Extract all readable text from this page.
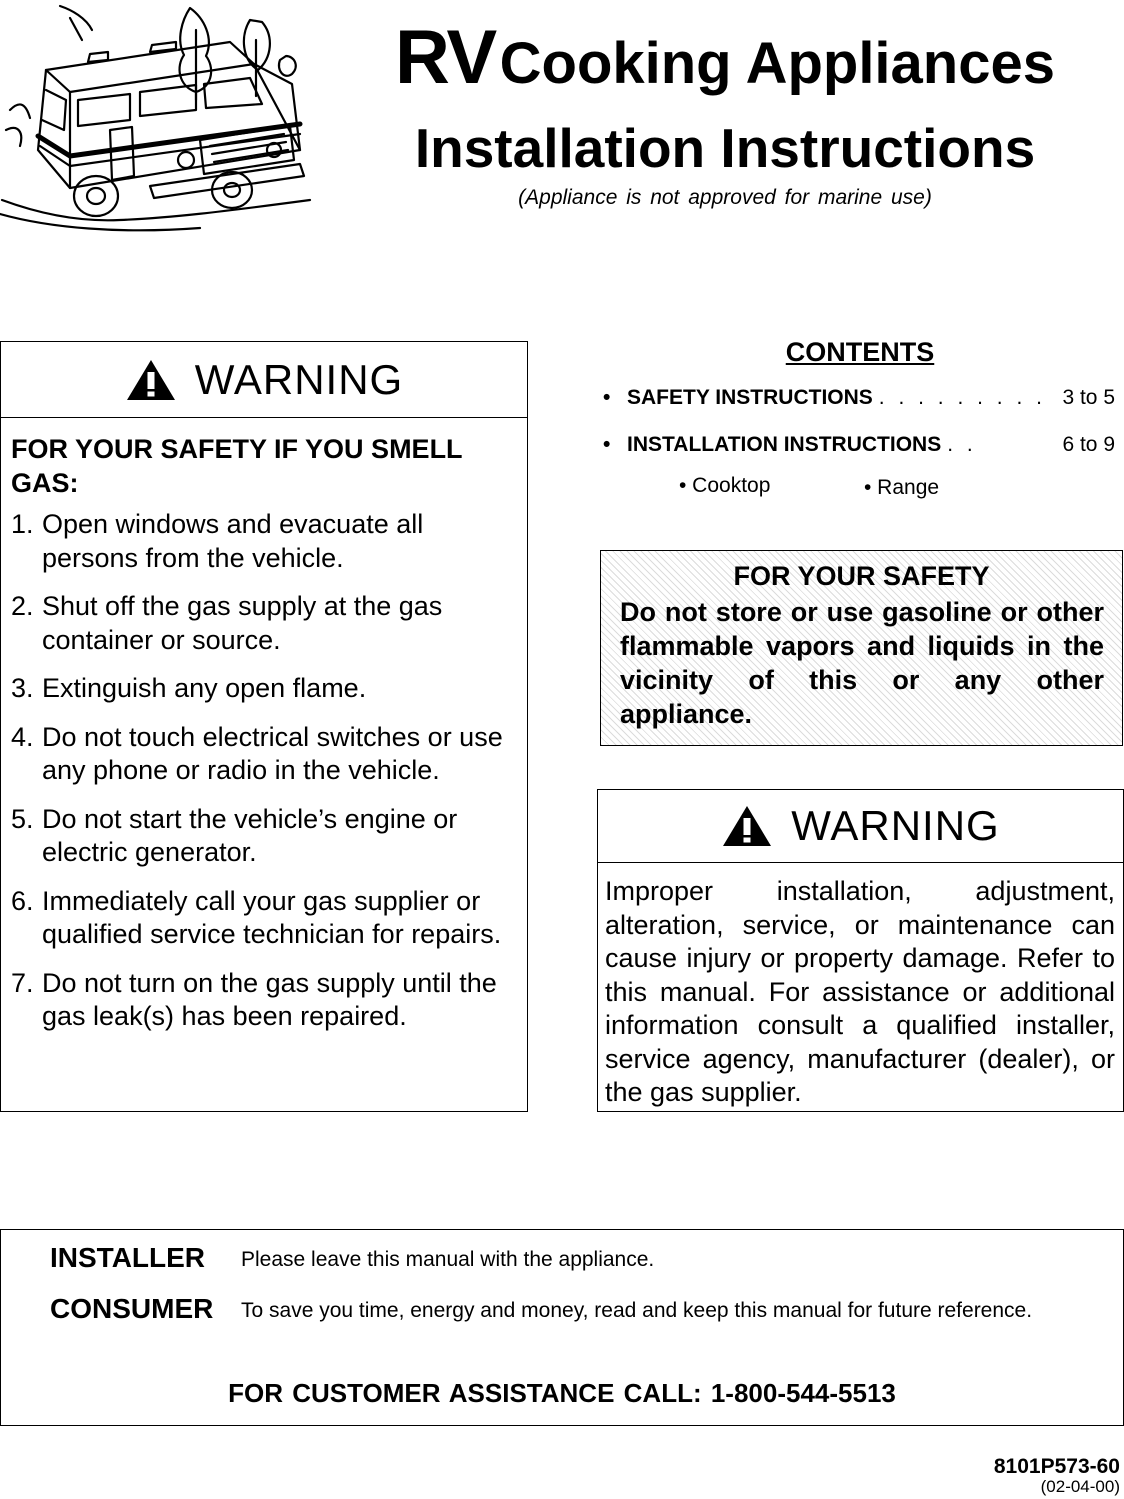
RV Cooking Appliances
Installation Instructions
(Appliance is not approved for marine use)
WARNING
FOR YOUR SAFETY IF YOU SMELL GAS:
1. Open windows and evacuate all persons from the vehicle.
2. Shut off the gas supply at the gas container or source.
3. Extinguish any open flame.
4. Do not touch electrical switches or use any phone or radio in the vehicle.
5. Do not start the vehicle’s engine or electric generator.
6. Immediately call your gas supplier or qualified service technician for repairs.
7. Do not turn on the gas supply until the gas leak(s) has been repaired.
CONTENTS
• SAFETY INSTRUCTIONS . . . . . . . . . 3 to 5
• INSTALLATION INSTRUCTIONS . .	6 to 9
• Cooktop	• Range
FOR YOUR SAFETY
Do not store or use gasoline or other flammable vapors and liquids in the vicinity of this or any other appliance.
WARNING
Improper installation, adjustment, alteration, service, or maintenance can cause injury or property damage. Refer to this manual. For assistance or additional information consult a qualified installer, service agency, manufacturer (dealer), or the gas supplier.
INSTALLER Please leave this manual with the appliance.
CONSUMER To save you time, energy and money, read and keep this manual for future reference.
FOR CUSTOMER ASSISTANCE CALL: 1-800-544-5513
8101P573-60
(02-04-00)
